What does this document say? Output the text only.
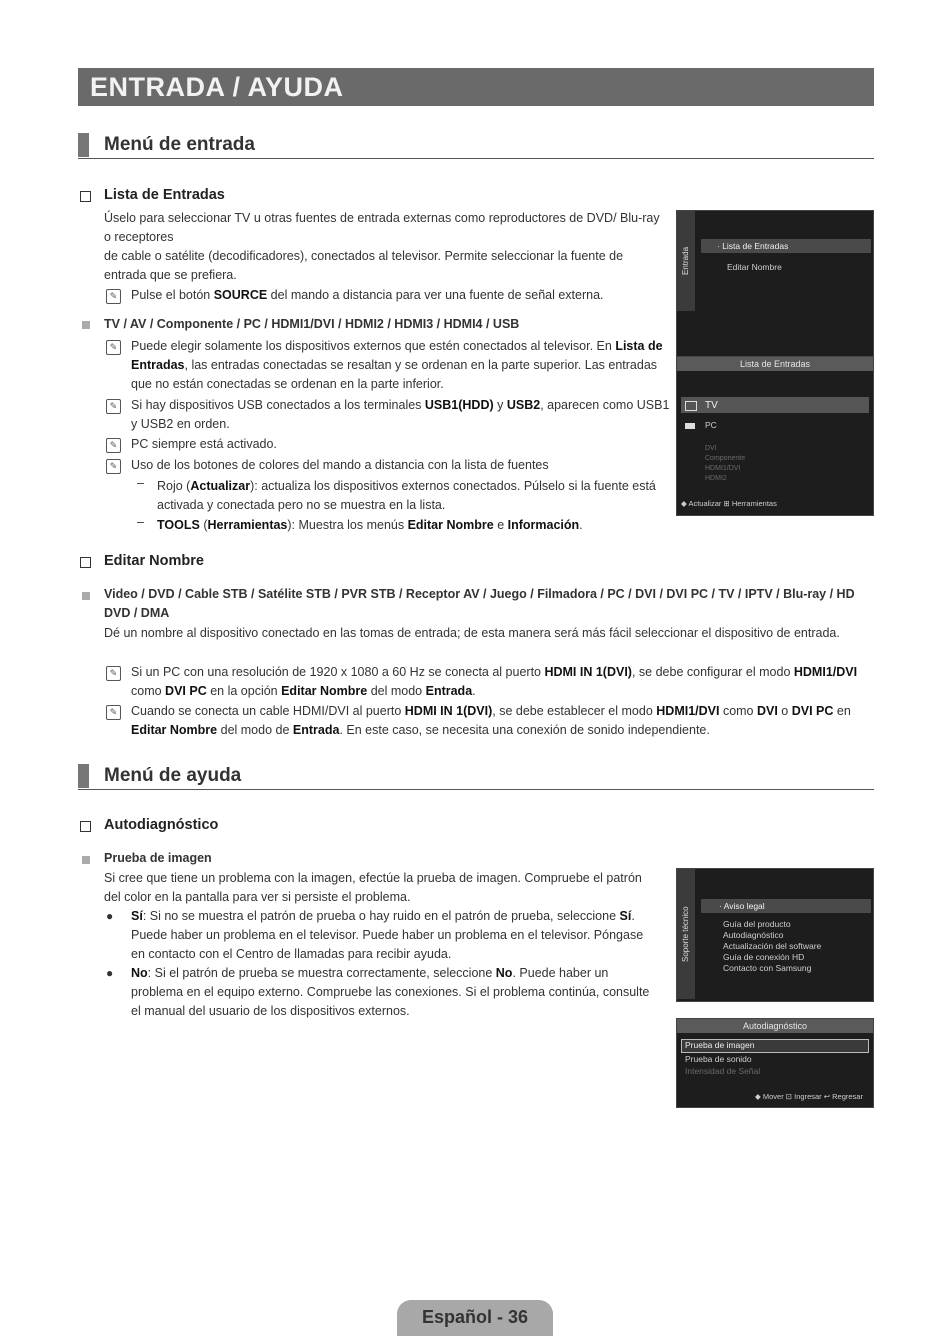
ENTRADA / AYUDA
Menú de entrada
Lista de Entradas
Úselo para seleccionar TV u otras fuentes de entrada externas como reproductores de DVD/ Blu-ray o receptores
de cable o satélite (decodificadores), conectados al televisor. Permite seleccionar la fuente de entrada que se prefiera.
✎ Pulse el botón SOURCE del mando a distancia para ver una fuente de señal externa.
TV / AV / Componente / PC / HDMI1/DVI / HDMI2 / HDMI3 / HDMI4 / USB
✎ Puede elegir solamente los dispositivos externos que estén conectados al televisor. En Lista de Entradas, las entradas conectadas se resaltan y se ordenan en la parte superior. Las entradas que no están conectadas se ordenan en la parte inferior.
✎ Si hay dispositivos USB conectados a los terminales USB1(HDD) y USB2, aparecen como USB1 y USB2 en orden.
✎ PC siempre está activado.
✎ Uso de los botones de colores del mando a distancia con la lista de fuentes
– Rojo (Actualizar): actualiza los dispositivos externos conectados. Púlselo si la fuente está activada y conectada pero no se muestra en la lista.
– TOOLS (Herramientas): Muestra los menús Editar Nombre e Información.
Entrada
· Lista de Entradas
Editar Nombre
Lista de Entradas
TV
PC
DVI
Componente
HDMI1/DVI
HDMI2
◆ Actualizar ⊞ Herramientas
Editar Nombre
Video / DVD / Cable STB / Satélite STB / PVR STB / Receptor AV / Juego / Filmadora / PC / DVI / DVI PC / TV / IPTV / Blu-ray / HD DVD / DMA
Dé un nombre al dispositivo conectado en las tomas de entrada; de esta manera será más fácil seleccionar el dispositivo de entrada.
✎ Si un PC con una resolución de 1920 x 1080 a 60 Hz se conecta al puerto HDMI IN 1(DVI), se debe configurar el modo HDMI1/DVI como DVI PC en la opción Editar Nombre del modo Entrada.
✎ Cuando se conecta un cable HDMI/DVI al puerto HDMI IN 1(DVI), se debe establecer el modo HDMI1/DVI como DVI o DVI PC en Editar Nombre del modo de Entrada. En este caso, se necesita una conexión de sonido independiente.
Menú de ayuda
Autodiagnóstico
Prueba de imagen
Si cree que tiene un problema con la imagen, efectúe la prueba de imagen. Compruebe el patrón del color en la pantalla para ver si persiste el problema.
● Sí: Si no se muestra el patrón de prueba o hay ruido en el patrón de prueba, seleccione Sí. Puede haber un problema en el televisor. Puede haber un problema en el televisor. Póngase en contacto con el Centro de llamadas para recibir ayuda.
● No: Si el patrón de prueba se muestra correctamente, seleccione No. Puede haber un problema en el equipo externo. Compruebe las conexiones. Si el problema continúa, consulte el manual del usuario de los dispositivos externos.
Soporte técnico
· Aviso legal
Guía del producto
Autodiagnóstico
Actualización del software
Guía de conexión HD
Contacto con Samsung
Autodiagnóstico
Prueba de imagen
Prueba de sonido
Intensidad de Señal
◆ Mover ⊡ Ingresar ↩ Regresar
Español - 36
